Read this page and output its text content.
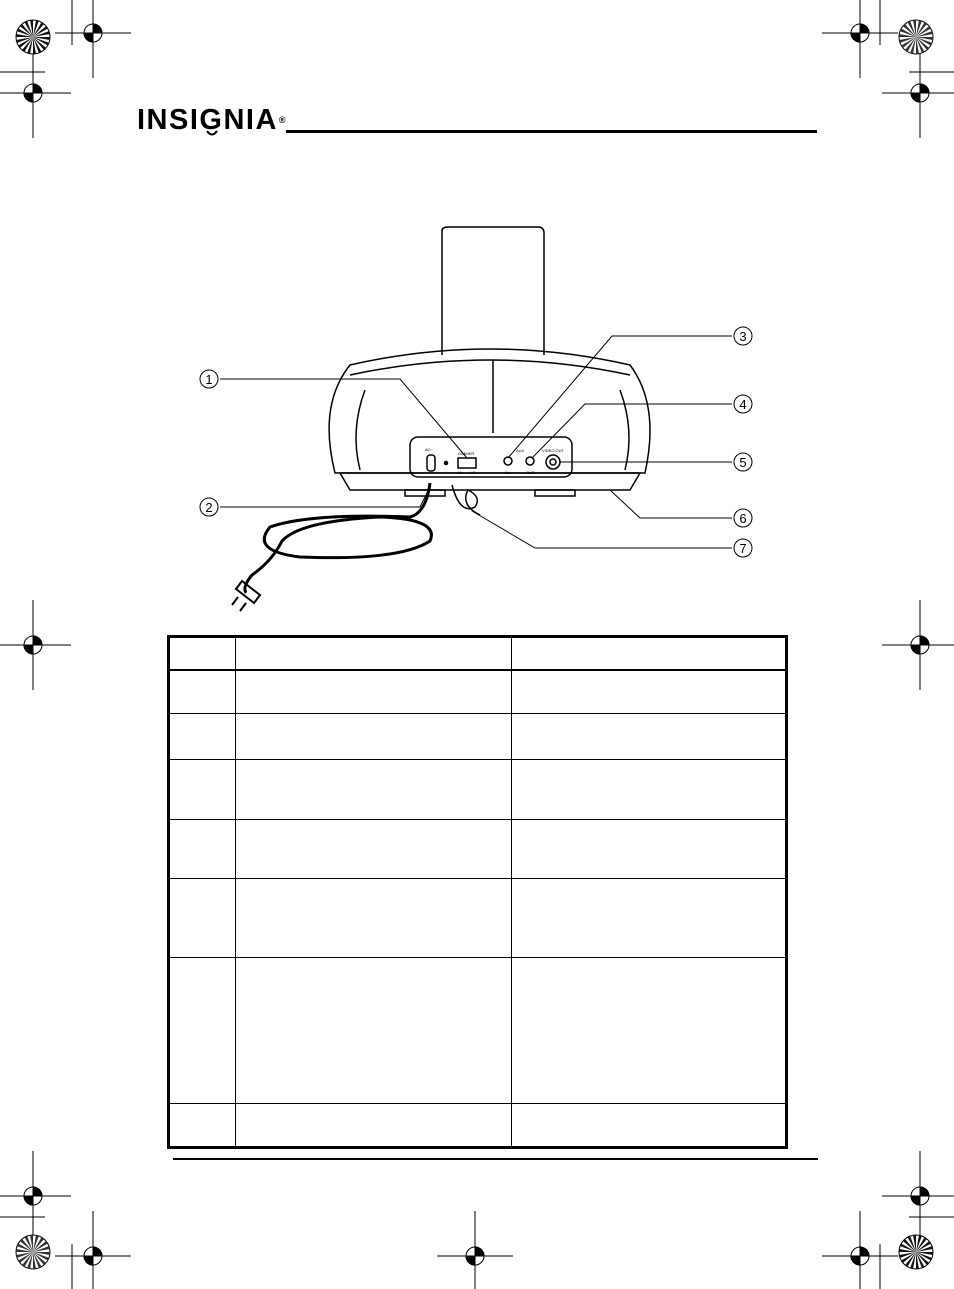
INSIGNIA®
DIMMER
HI LO
AC~	AUX
IN	OUT
VIDEO OUT
1
2
3
4
5
6
7
